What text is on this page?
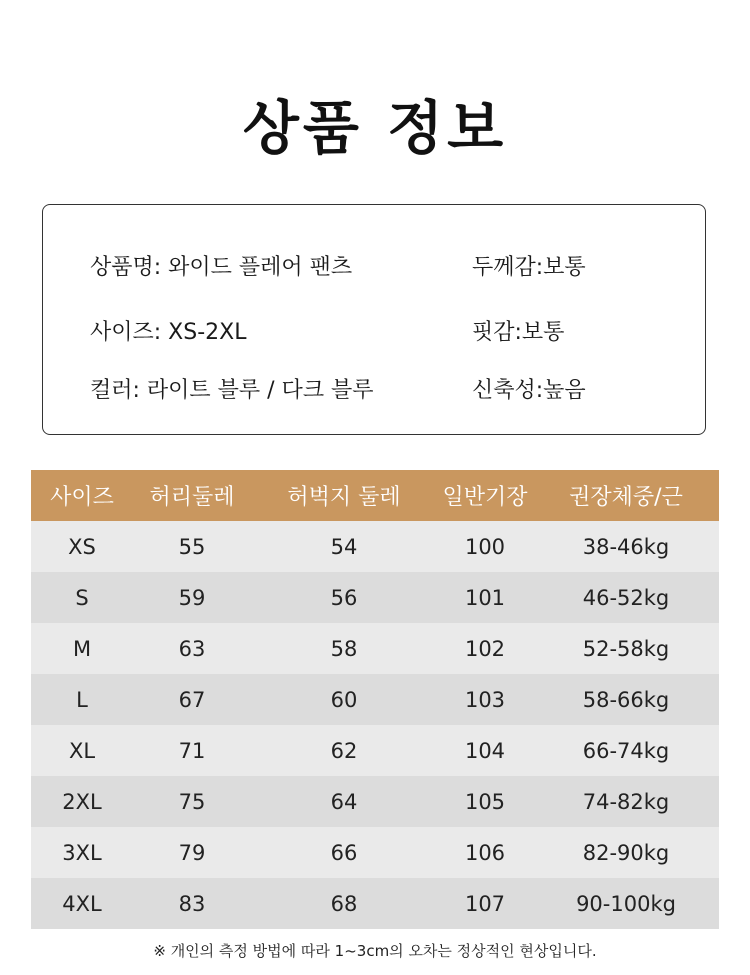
상품 정보
상품명: 와이드 플레어 팬츠	두께감:보통
사이즈: XS-2XL	핏감:보통
컬러: 라이트 블루 / 다크 블루	신축성:높음
사이즈	허리둘레	허벅지 둘레	일반기장	권장체중/근
XS	55	54	100	38-46kg
S	59	56	101	46-52kg
M	63	58	102	52-58kg
L	67	60	103	58-66kg
XL	71	62	104	66-74kg
2XL	75	64	105	74-82kg
3XL	79	66	106	82-90kg
4XL	83	68	107	90-100kg
※ 개인의 측정 방법에 따라 1~3cm의 오차는 정상적인 현상입니다.
